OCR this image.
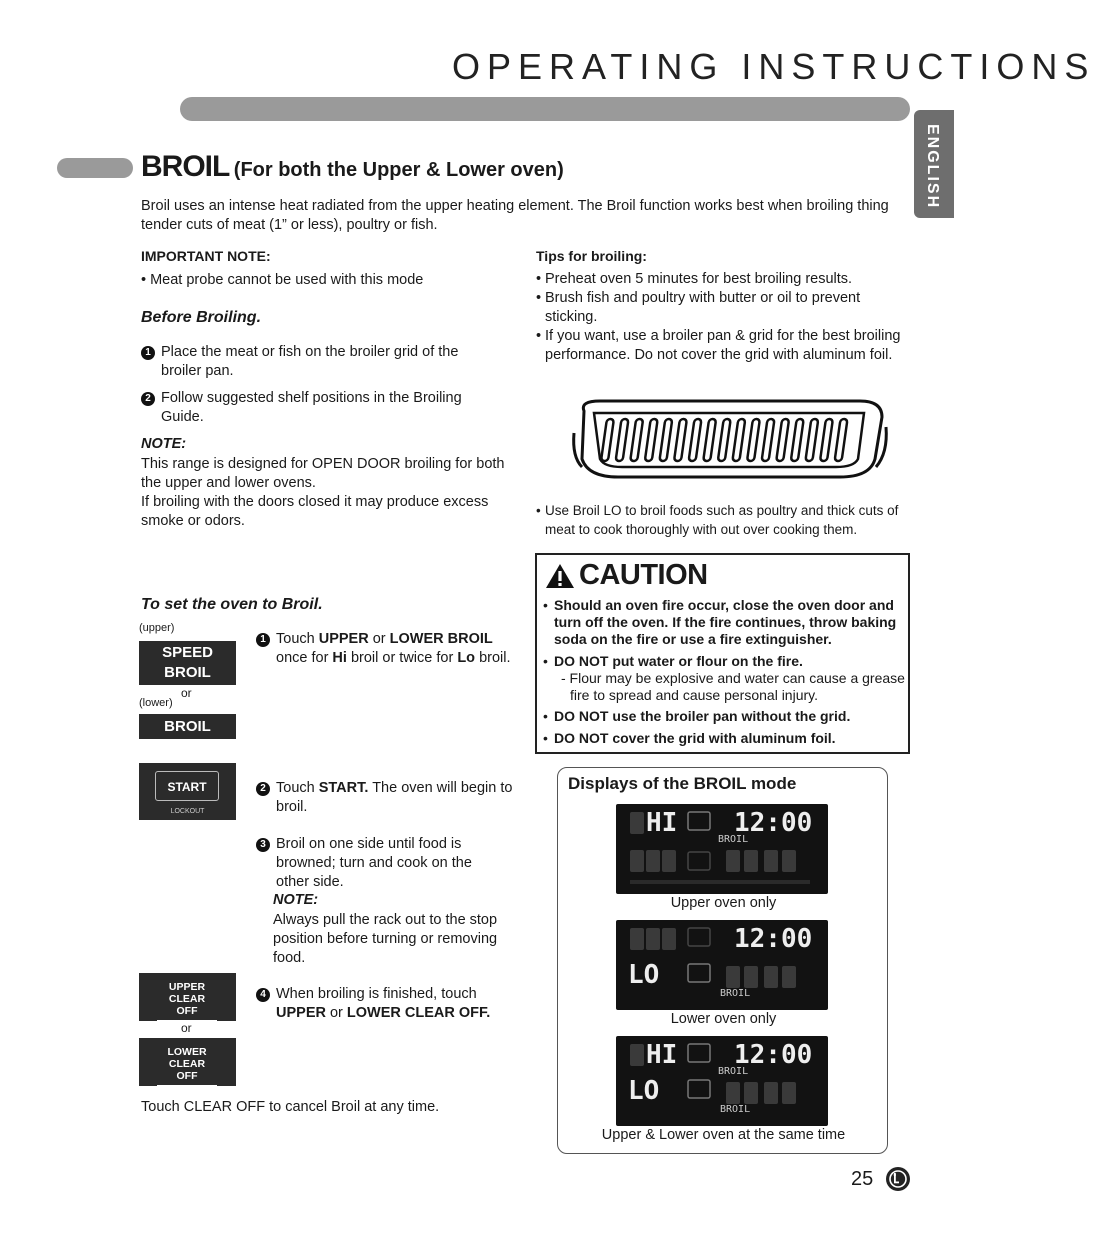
OPERATING INSTRUCTIONS
ENGLISH
BROIL (For both the Upper & Lower oven)
Broil uses an intense heat radiated from the upper heating element. The Broil function works best when broiling thing tender cuts of meat (1” or less), poultry or fish.
IMPORTANT NOTE:
• Meat probe cannot be used with this mode
Before Broiling.
1 Place the meat or fish on the broiler grid of the broiler pan.
2 Follow suggested shelf positions in the Broiling Guide.
NOTE:
This range is designed for OPEN DOOR broiling for both the upper and lower ovens.
If broiling with the doors closed it may produce excess smoke or odors.
Tips for broiling:
• Preheat oven 5 minutes for best broiling results.
• Brush fish and poultry with butter or oil to prevent sticking.
• If you want, use a broiler pan & grid for the best broiling performance. Do not cover the grid with aluminum foil.
• Use Broil LO to broil foods such as poultry and thick cuts of meat to cook thoroughly with out over cooking them.
CAUTION
• Should an oven fire occur, close the oven door and turn off the oven. If the fire continues, throw baking soda on the fire or use a fire extinguisher.
• DO NOT put water or flour on the fire.
- Flour may be explosive and water can cause a grease fire to spread and cause personal injury.
• DO NOT use the broiler pan without the grid.
• DO NOT cover the grid with aluminum foil.
To set the oven to Broil.
(upper)
SPEED
BROIL
or
(lower)
BROIL
1 Touch UPPER or LOWER BROIL once for Hi broil or twice for Lo broil.
START
LOCKOUT
2 Touch START. The oven will begin to broil.
3 Broil on one side until food is browned; turn and cook on the other side.
NOTE:
Always pull the rack out to the stop position before turning or removing food.
UPPER
CLEAR OFF
or
LOWER
CLEAR OFF
4 When broiling is finished, touch UPPER or LOWER CLEAR OFF.
Touch CLEAR OFF to cancel Broil at any time.
Displays of the BROIL mode
HI 12:00
BROIL
Upper oven only
12:00
LO
BROIL
Lower oven only
HI 12:00
BROIL
LO
BROIL
Upper & Lower oven at the same time
25
